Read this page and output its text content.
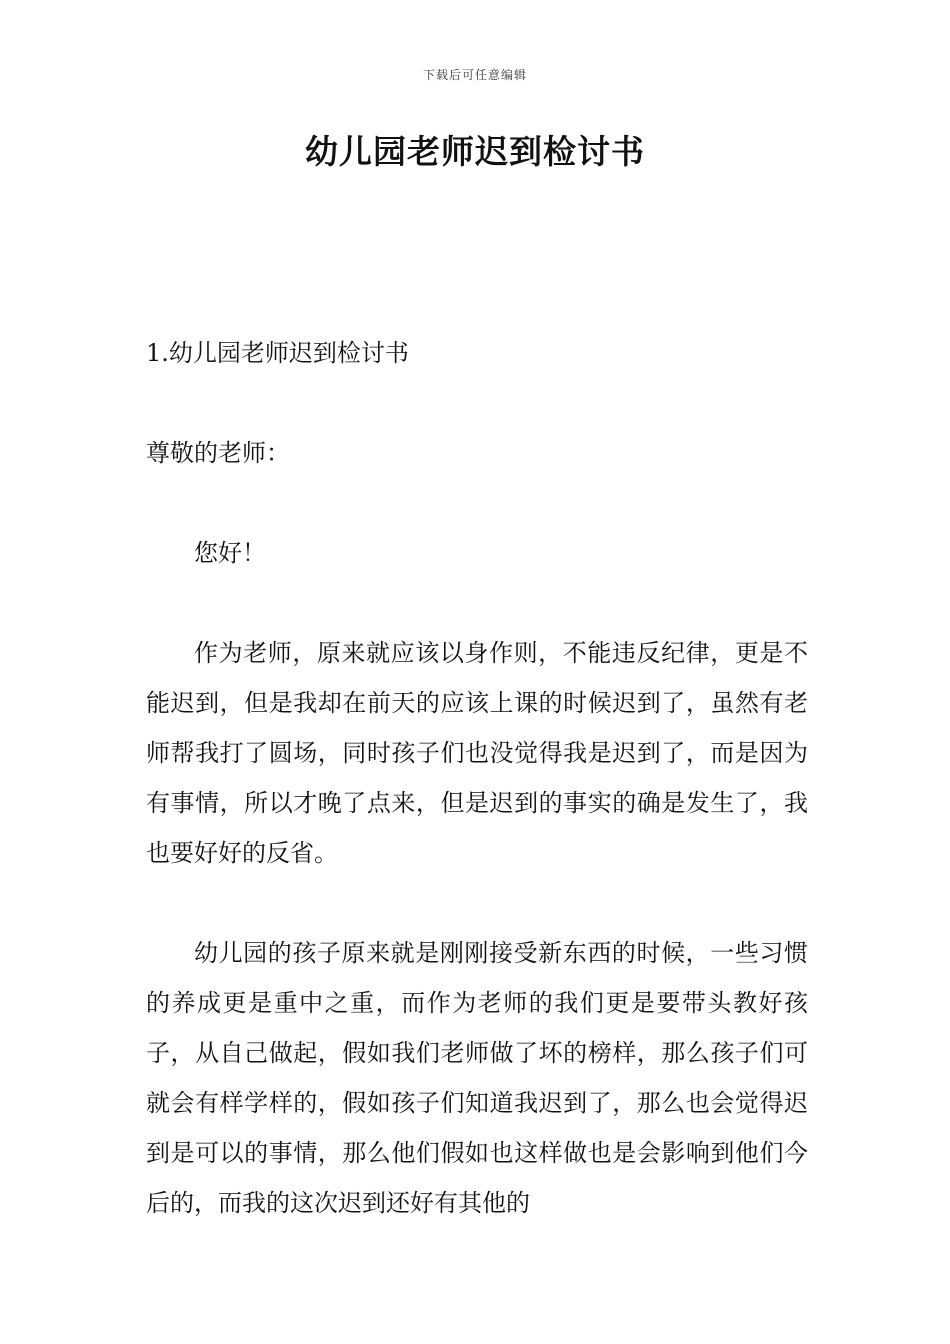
下载后可任意编辑
幼儿园老师迟到检讨书

1.幼儿园老师迟到检讨书

尊敬的老师：

您好！

作为老师，原来就应该以身作则，不能违反纪律，更是不能迟到，但是我却在前天的应该上课的时候迟到了，虽然有老师帮我打了圆场，同时孩子们也没觉得我是迟到了，而是因为有事情，所以才晚了点来，但是迟到的事实的确是发生了，我也要好好的反省。

幼儿园的孩子原来就是刚刚接受新东西的时候，一些习惯的养成更是重中之重，而作为老师的我们更是要带头教好孩子，从自己做起，假如我们老师做了坏的榜样，那么孩子们可就会有样学样的，假如孩子们知道我迟到了，那么也会觉得迟到是可以的事情，那么他们假如也这样做也是会影响到他们今后的，而我的这次迟到还好有其他的
